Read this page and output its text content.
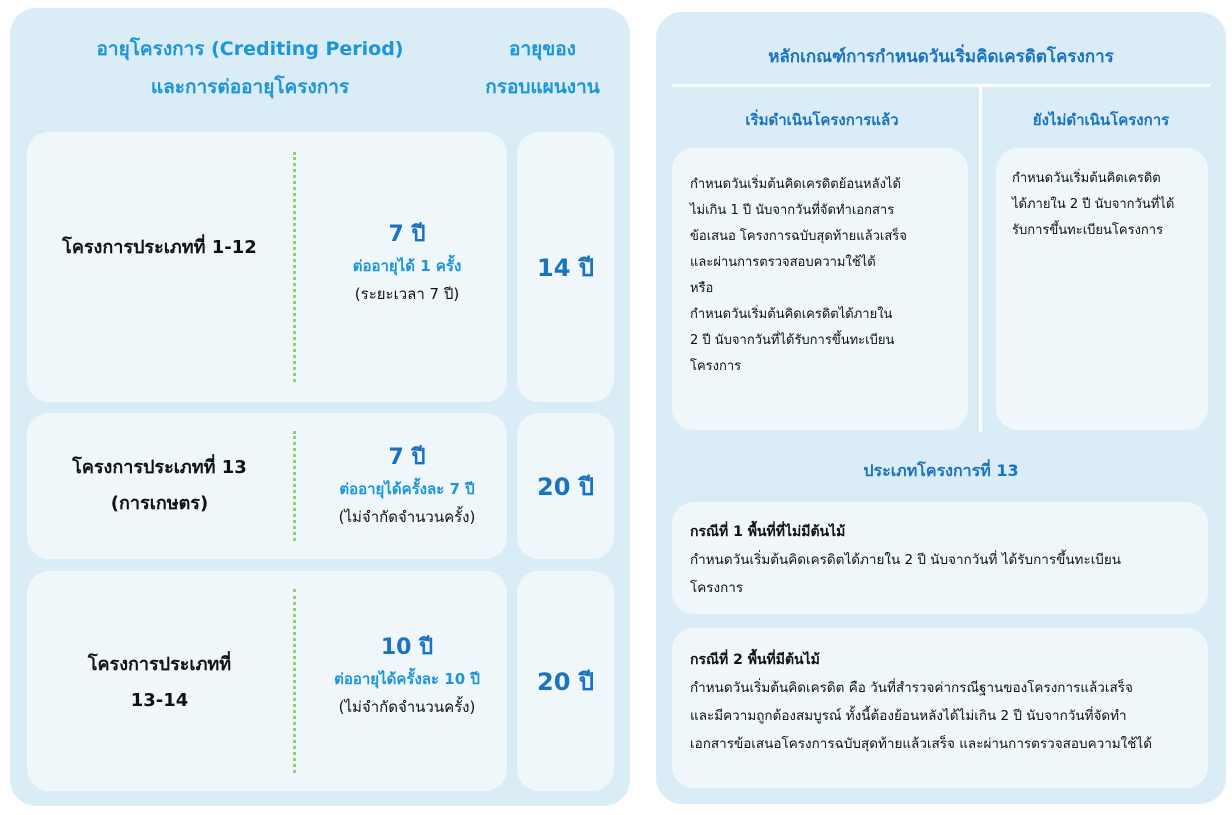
อายุโครงการ (Crediting Period)
และการต่ออายุโครงการ
อายุของ
กรอบแผนงาน
โครงการประเภทที่ 1-12
7 ปี
ต่ออายุได้ 1 ครั้ง
(ระยะเวลา 7 ปี)
14 ปี
โครงการประเภทที่ 13
(การเกษตร)
7 ปี
ต่ออายุได้ครั้งละ 7 ปี
(ไม่จำกัดจำนวนครั้ง)
20 ปี
โครงการประเภทที่
13-14
10 ปี
ต่ออายุได้ครั้งละ 10 ปี
(ไม่จำกัดจำนวนครั้ง)
20 ปี
หลักเกณฑ์การกำหนดวันเริ่มคิดเครดิตโครงการ
เริ่มดำเนินโครงการแล้ว	ยังไม่ดำเนินโครงการ
กำหนดวันเริ่มต้นคิดเครดิตย้อนหลังได้
ไม่เกิน 1 ปี นับจากวันที่จัดทำเอกสาร
ข้อเสนอ โครงการฉบับสุดท้ายแล้วเสร็จ
และผ่านการตรวจสอบความใช้ได้
หรือ
กำหนดวันเริ่มต้นคิดเครดิตได้ภายใน
2 ปี นับจากวันที่ได้รับการขึ้นทะเบียน
โครงการ
กำหนดวันเริ่มต้นคิดเครดิต
ได้ภายใน 2 ปี นับจากวันที่ได้
รับการขึ้นทะเบียนโครงการ
ประเภทโครงการที่ 13
กรณีที่ 1 พื้นที่ที่ไม่มีต้นไม้
กำหนดวันเริ่มต้นคิดเครดิตได้ภายใน 2 ปี นับจากวันที่ ได้รับการขึ้นทะเบียน
โครงการ
กรณีที่ 2 พื้นที่มีต้นไม้
กำหนดวันเริ่มต้นคิดเครดิต คือ วันที่สำรวจค่ากรณีฐานของโครงการแล้วเสร็จ
และมีความถูกต้องสมบูรณ์ ทั้งนี้ต้องย้อนหลังได้ไม่เกิน 2 ปี นับจากวันที่จัดทำ
เอกสารข้อเสนอโครงการฉบับสุดท้ายแล้วเสร็จ และผ่านการตรวจสอบความใช้ได้
